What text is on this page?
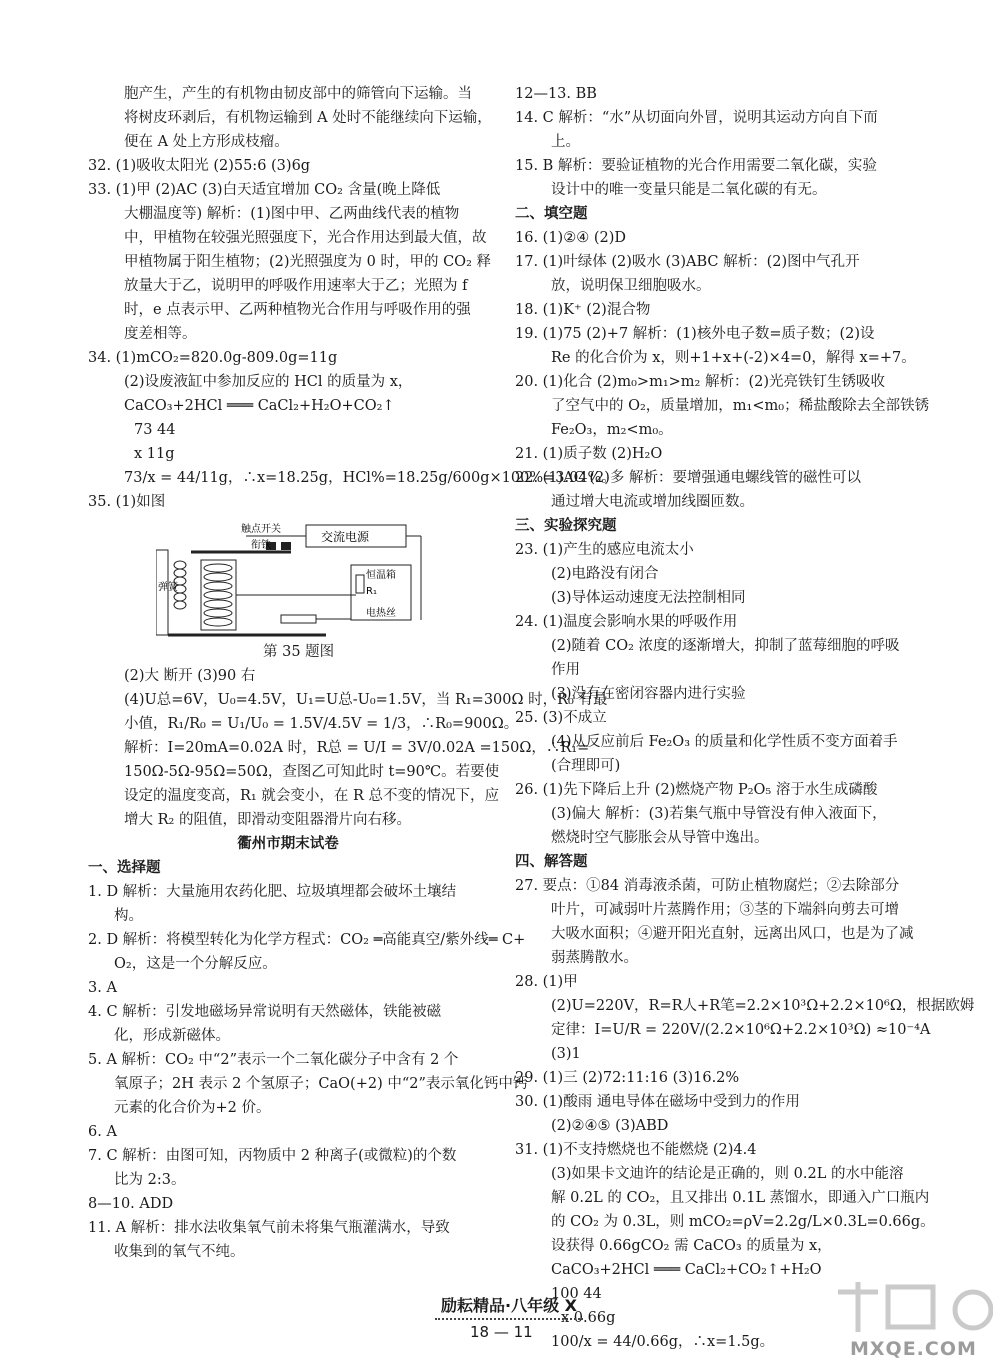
胞产生，产生的有机物由韧皮部中的筛管向下运输。当
将树皮环剥后，有机物运输到 A 处时不能继续向下运输，
便在 A 处上方形成枝瘤。
32. (1)吸收太阳光 (2)55:6 (3)6g
33. (1)甲 (2)AC (3)白天适宜增加 CO₂ 含量(晚上降低
大棚温度等) 解析：(1)图中甲、乙两曲线代表的植物
中，甲植物在较强光照强度下，光合作用达到最大值，故
甲植物属于阳生植物；(2)光照强度为 0 时，甲的 CO₂ 释
放量大于乙，说明甲的呼吸作用速率大于乙；光照为 f
时，e 点表示甲、乙两种植物光合作用与呼吸作用的强
度差相等。
34. (1)mCO₂=820.0g-809.0g=11g
(2)设废液缸中参加反应的 HCl 的质量为 x，
CaCO₃+2HCl ═══ CaCl₂+H₂O+CO₂↑
73 44
x 11g
73/x = 44/11g，∴x=18.25g，HCl%=18.25g/600g×100%=3.04%。
35. (1)如图
触点开关
衔铁
交流电源
弹簧
恒温箱
R₁
电热丝
第 35 题图
(2)大 断开 (3)90 右
(4)U总=6V，U₀=4.5V，U₁=U总-U₀=1.5V，当 R₁=300Ω 时，R₀ 有最
小值，R₁/R₀ = U₁/U₀ = 1.5V/4.5V = 1/3，∴R₀=900Ω。
解析：I=20mA=0.02A 时，R总 = U/I = 3V/0.02A =150Ω，∴R₁=
150Ω-5Ω-95Ω=50Ω，查图乙可知此时 t=90℃。若要使
设定的温度变高，R₁ 就会变小，在 R 总不变的情况下，应
增大 R₂ 的阻值，即滑动变阻器滑片向右移。
衢州市期末试卷
一、选择题
1. D 解析：大量施用农药化肥、垃圾填埋都会破坏土壤结
构。
2. D 解析：将模型转化为化学方程式：CO₂ ═高能真空/紫外线═ C+
O₂，这是一个分解反应。
3. A
4. C 解析：引发地磁场异常说明有天然磁体，铁能被磁
化，形成新磁体。
5. A 解析：CO₂ 中“2”表示一个二氧化碳分子中含有 2 个
氧原子；2H 表示 2 个氢原子；CaO(+2) 中“2”表示氧化钙中钙
元素的化合价为+2 价。
6. A
7. C 解析：由图可知，丙物质中 2 种离子(或微粒)的个数
比为 2:3。
8—10. ADD
11. A 解析：排水法收集氧气前未将集气瓶灌满水，导致
收集到的氧气不纯。
12—13. BB
14. C 解析：“水”从切面向外冒，说明其运动方向自下而
上。
15. B 解析：要验证植物的光合作用需要二氧化碳，实验
设计中的唯一变量只能是二氧化碳的有无。
二、填空题
16. (1)②④ (2)D
17. (1)叶绿体 (2)吸水 (3)ABC 解析：(2)图中气孔开
放，说明保卫细胞吸水。
18. (1)K⁺ (2)混合物
19. (1)75 (2)+7 解析：(1)核外电子数=质子数；(2)设
Re 的化合价为 x，则+1+x+(-2)×4=0，解得 x=+7。
20. (1)化合 (2)m₀>m₁>m₂ 解析：(2)光亮铁钉生锈吸收
了空气中的 O₂，质量增加，m₁<m₀；稀盐酸除去全部铁锈
Fe₂O₃，m₂<m₀。
21. (1)质子数 (2)H₂O
22. (1)AC (2)多 解析：要增强通电螺线管的磁性可以
通过增大电流或增加线圈匝数。
三、实验探究题
23. (1)产生的感应电流太小
(2)电路没有闭合
(3)导体运动速度无法控制相同
24. (1)温度会影响水果的呼吸作用
(2)随着 CO₂ 浓度的逐渐增大，抑制了蓝莓细胞的呼吸
作用
(3)没有在密闭容器内进行实验
25. (3)不成立
(4)从反应前后 Fe₂O₃ 的质量和化学性质不变方面着手
(合理即可)
26. (1)先下降后上升 (2)燃烧产物 P₂O₅ 溶于水生成磷酸
(3)偏大 解析：(3)若集气瓶中导管没有伸入液面下，
燃烧时空气膨胀会从导管中逸出。
四、解答题
27. 要点：①84 消毒液杀菌，可防止植物腐烂；②去除部分
叶片，可减弱叶片蒸腾作用；③茎的下端斜向剪去可增
大吸水面积；④避开阳光直射，远离出风口，也是为了减
弱蒸腾散水。
28. (1)甲
(2)U=220V，R=R人+R笔=2.2×10³Ω+2.2×10⁶Ω，根据欧姆
定律：I=U/R = 220V/(2.2×10⁶Ω+2.2×10³Ω) ≈10⁻⁴A
(3)1
29. (1)三 (2)72:11:16 (3)16.2%
30. (1)酸雨 通电导体在磁场中受到力的作用
(2)②④⑤ (3)ABD
31. (1)不支持燃烧也不能燃烧 (2)4.4
(3)如果卡文迪许的结论是正确的，则 0.2L 的水中能溶
解 0.2L 的 CO₂，且又排出 0.1L 蒸馏水，即通入广口瓶内
的 CO₂ 为 0.3L，则 mCO₂=ρV=2.2g/L×0.3L=0.66g。
设获得 0.66gCO₂ 需 CaCO₃ 的质量为 x，
CaCO₃+2HCl ═══ CaCl₂+CO₂↑+H₂O
100 44
x 0.66g
100/x = 44/0.66g，∴x=1.5g。
励耘精品·八年级 X
18 — 11
MXQE.COM
